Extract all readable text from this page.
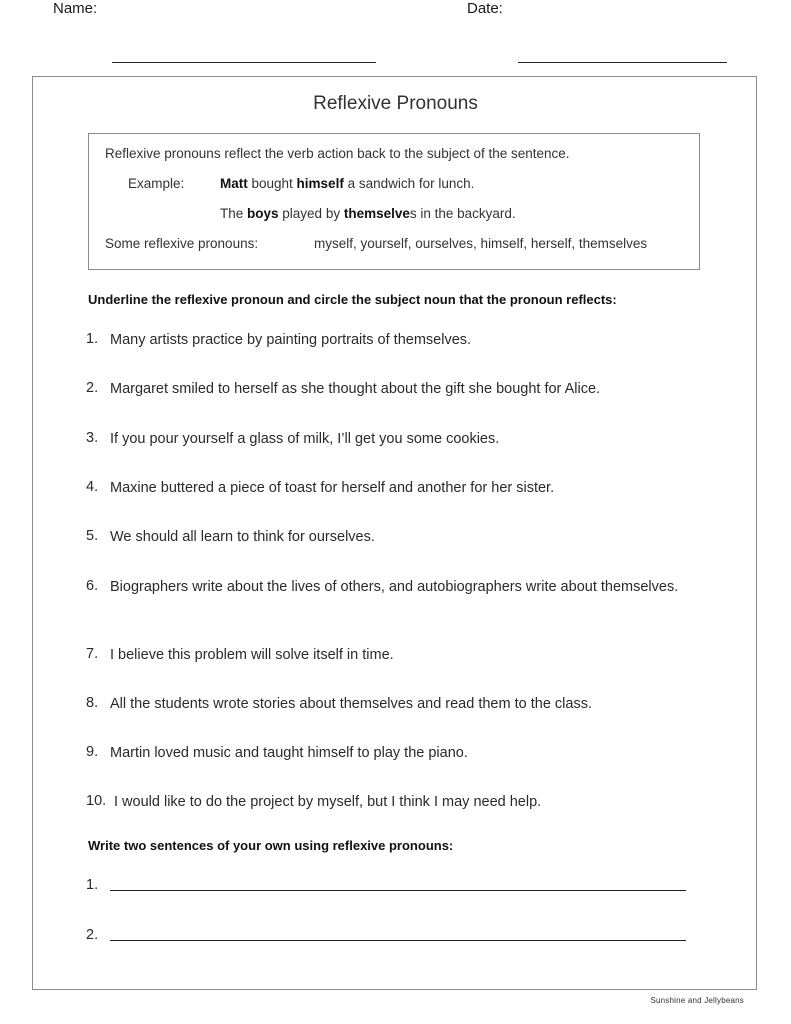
Name:	Date:
Reflexive Pronouns
Reflexive pronouns reflect the verb action back to the subject of the sentence.
Example:	Matt bought himself a sandwich for lunch.
The boys played by themselves in the backyard.
Some reflexive pronouns:	myself, yourself, ourselves, himself, herself, themselves
Underline the reflexive pronoun and circle the subject noun that the pronoun reflects:
1. Many artists practice by painting portraits of themselves.
2. Margaret smiled to herself as she thought about the gift she bought for Alice.
3. If you pour yourself a glass of milk, I’ll get you some cookies.
4. Maxine buttered a piece of toast for herself and another for her sister.
5. We should all learn to think for ourselves.
6. Biographers write about the lives of others, and autobiographers write about themselves.
7. I believe this problem will solve itself in time.
8. All the students wrote stories about themselves and read them to the class.
9. Martin loved music and taught himself to play the piano.
10. I would like to do the project by myself, but I think I may need help.
Write two sentences of your own using reflexive pronouns:
1.
2.
Sunshine and Jellybeans
